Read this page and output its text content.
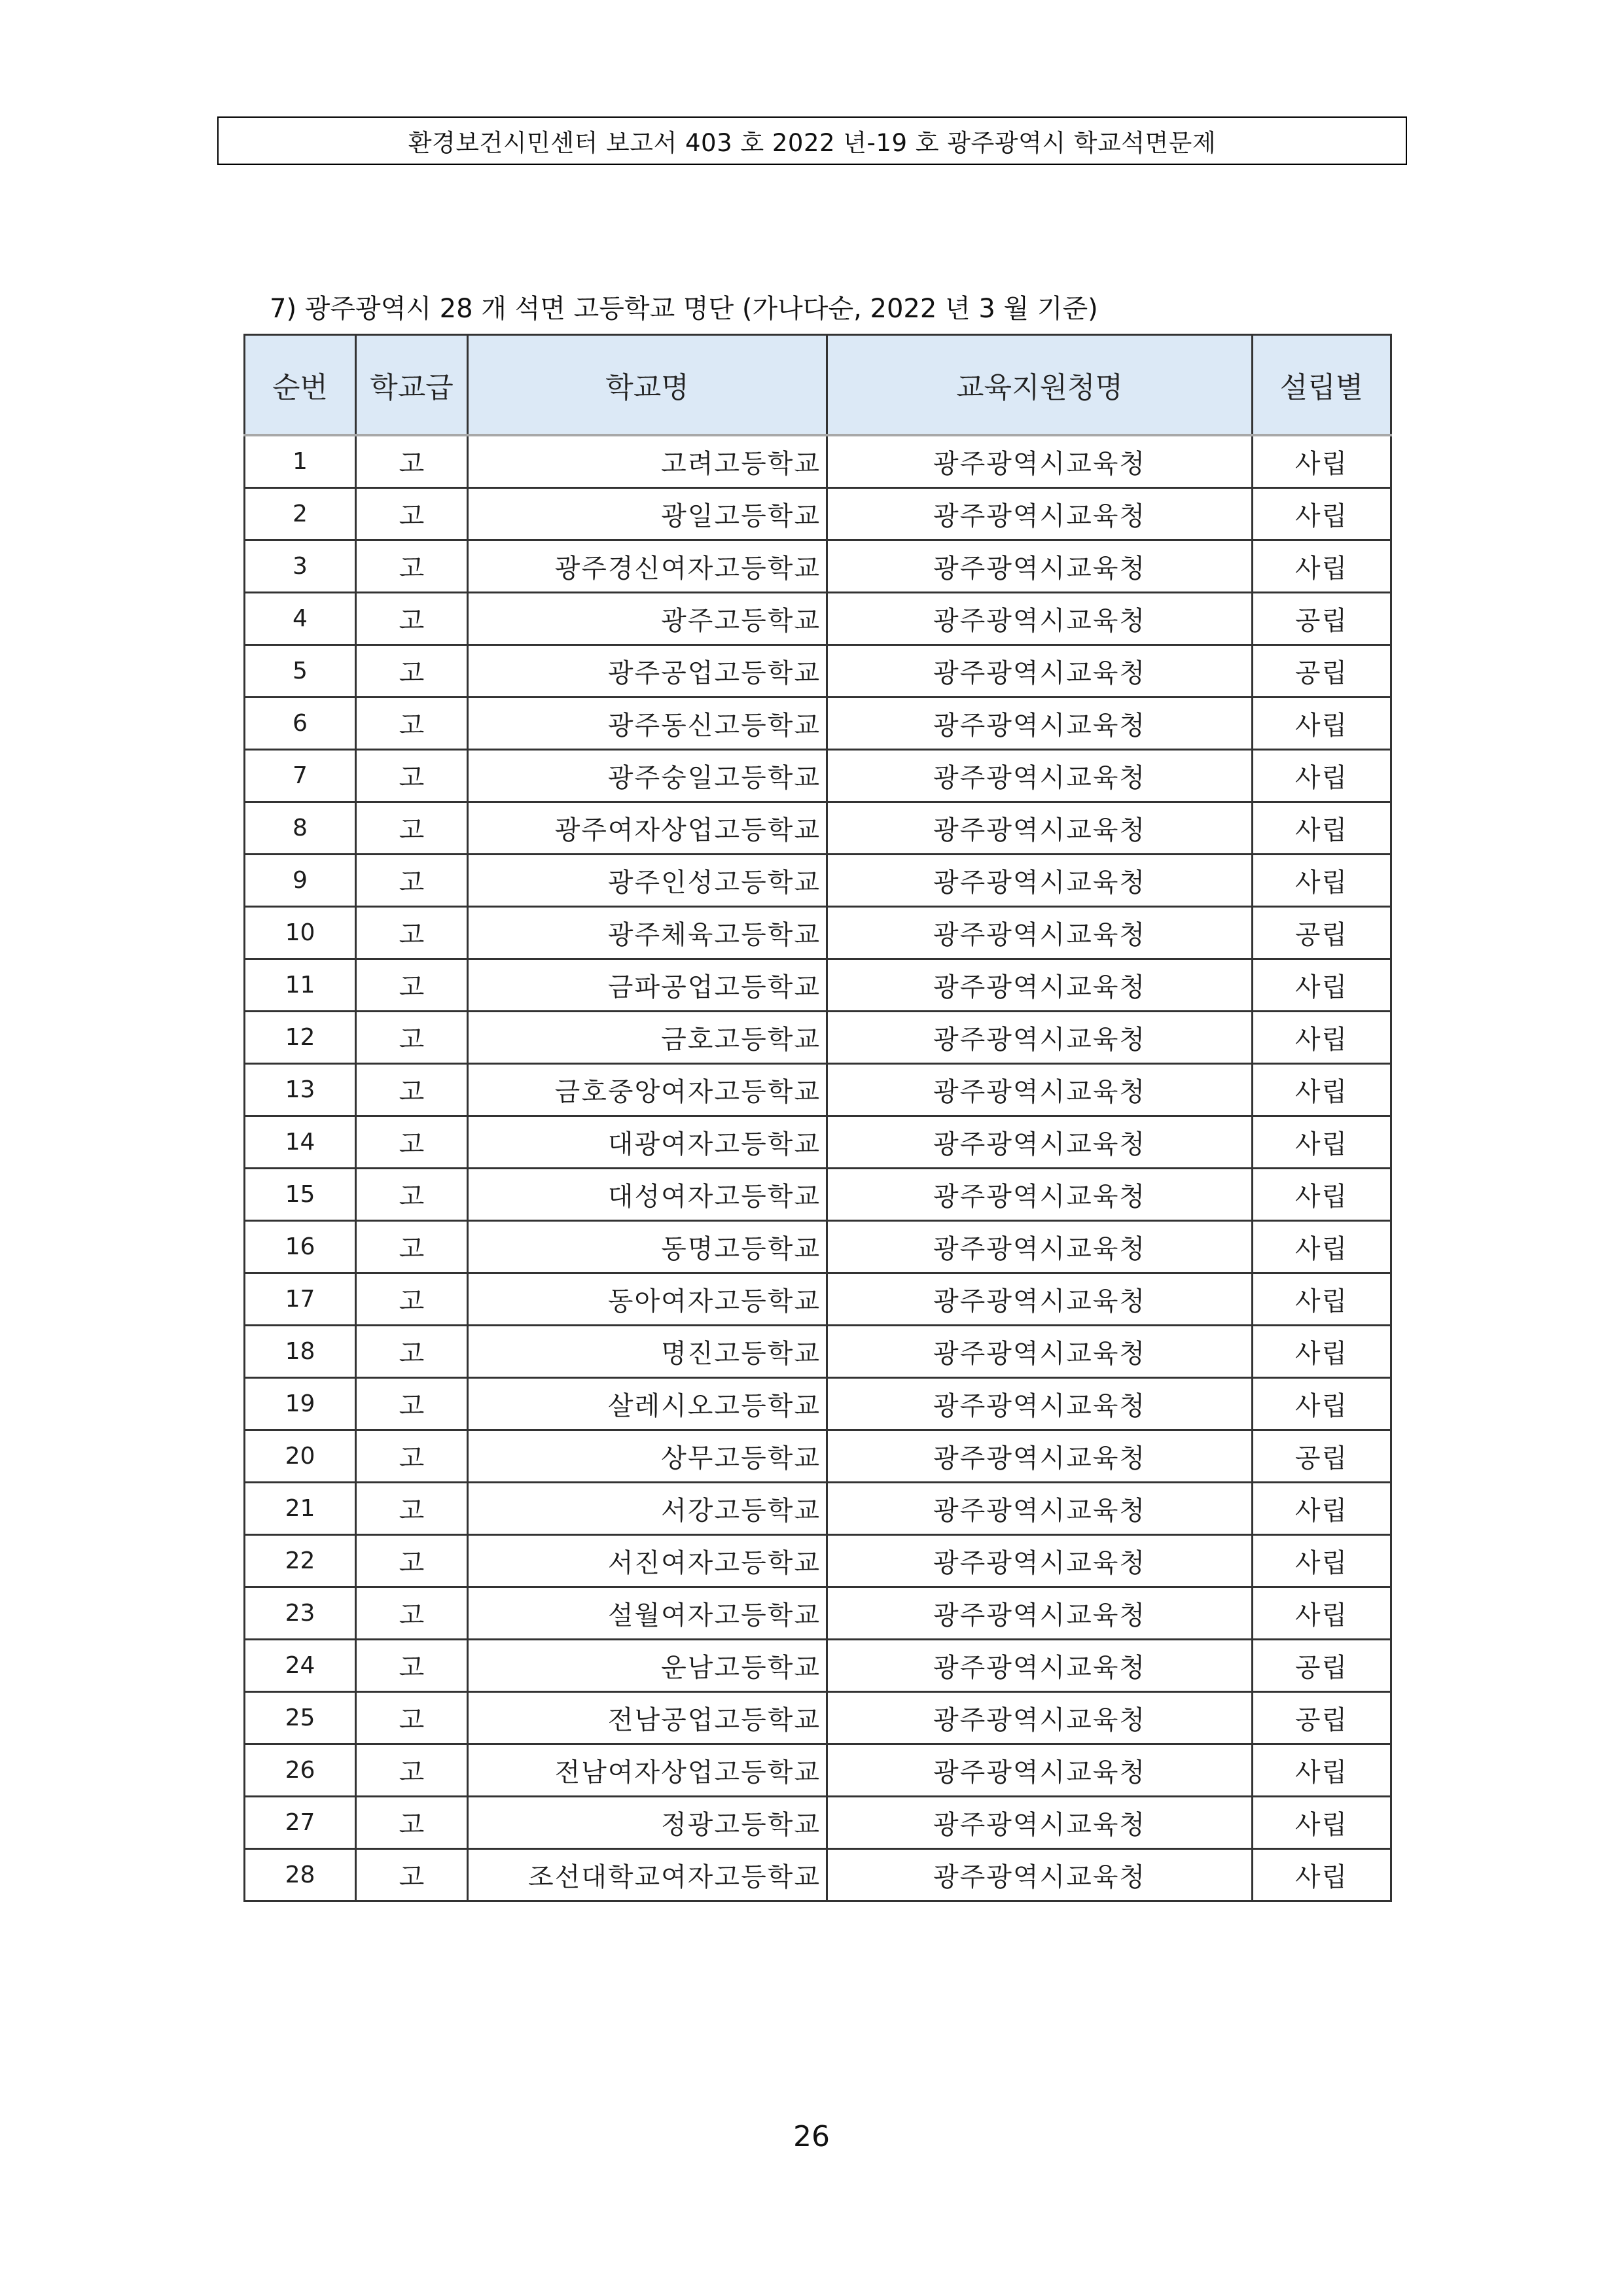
환경보건시민센터 보고서 403 호 2022 년-19 호 광주광역시 학교석면문제
7) 광주광역시 28 개 석면 고등학교 명단 (가나다순, 2022 년 3 월 기준)
순번	학교급	학교명	교육지원청명	설립별
1	고	고려고등학교	광주광역시교육청	사립
2	고	광일고등학교	광주광역시교육청	사립
3	고	광주경신여자고등학교	광주광역시교육청	사립
4	고	광주고등학교	광주광역시교육청	공립
5	고	광주공업고등학교	광주광역시교육청	공립
6	고	광주동신고등학교	광주광역시교육청	사립
7	고	광주숭일고등학교	광주광역시교육청	사립
8	고	광주여자상업고등학교	광주광역시교육청	사립
9	고	광주인성고등학교	광주광역시교육청	사립
10	고	광주체육고등학교	광주광역시교육청	공립
11	고	금파공업고등학교	광주광역시교육청	사립
12	고	금호고등학교	광주광역시교육청	사립
13	고	금호중앙여자고등학교	광주광역시교육청	사립
14	고	대광여자고등학교	광주광역시교육청	사립
15	고	대성여자고등학교	광주광역시교육청	사립
16	고	동명고등학교	광주광역시교육청	사립
17	고	동아여자고등학교	광주광역시교육청	사립
18	고	명진고등학교	광주광역시교육청	사립
19	고	살레시오고등학교	광주광역시교육청	사립
20	고	상무고등학교	광주광역시교육청	공립
21	고	서강고등학교	광주광역시교육청	사립
22	고	서진여자고등학교	광주광역시교육청	사립
23	고	설월여자고등학교	광주광역시교육청	사립
24	고	운남고등학교	광주광역시교육청	공립
25	고	전남공업고등학교	광주광역시교육청	공립
26	고	전남여자상업고등학교	광주광역시교육청	사립
27	고	정광고등학교	광주광역시교육청	사립
28	고	조선대학교여자고등학교	광주광역시교육청	사립
26
